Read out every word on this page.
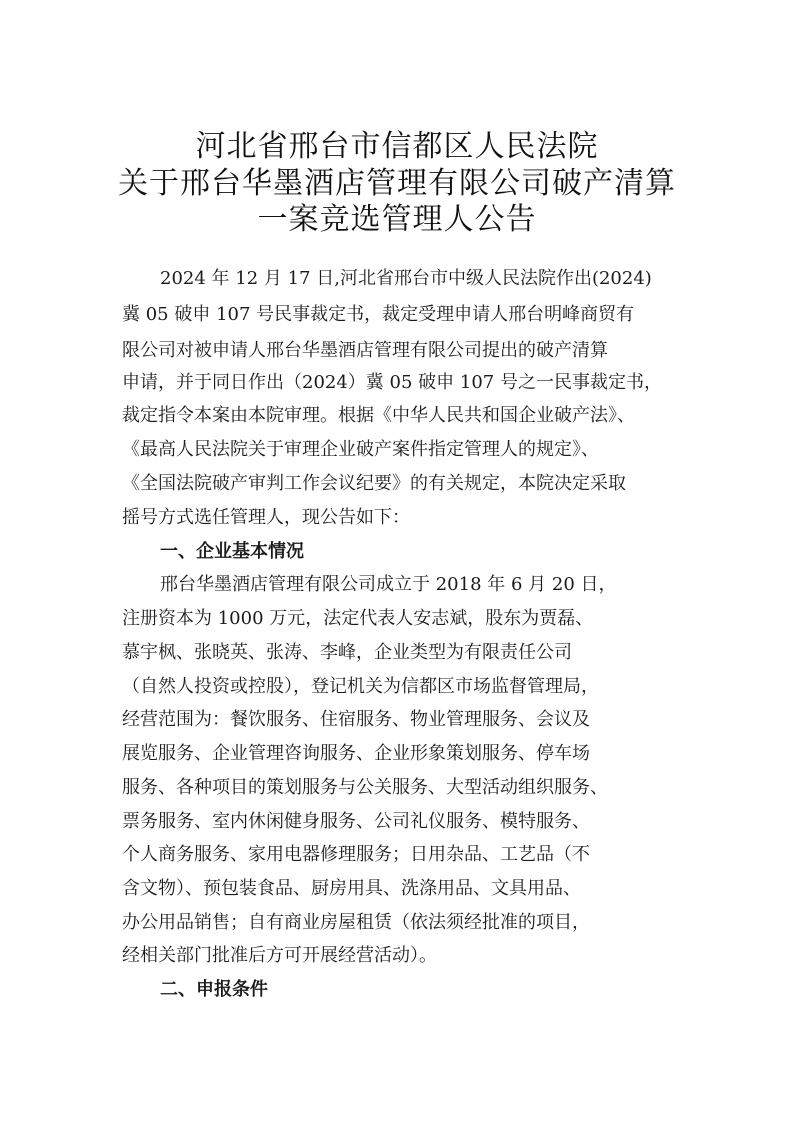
河北省邢台市信都区人民法院
关于邢台华墨酒店管理有限公司破产清算
一案竞选管理人公告
2024 年 12 月 17 日,河北省邢台市中级人民法院作出(2024)
冀 05 破申 107 号民事裁定书，裁定受理申请人邢台明峰商贸有
限公司对被申请人邢台华墨酒店管理有限公司提出的破产清算
申请，并于同日作出（2024）冀 05 破申 107 号之一民事裁定书，
裁定指令本案由本院审理。根据《中华人民共和国企业破产法》、
《最高人民法院关于审理企业破产案件指定管理人的规定》、
《全国法院破产审判工作会议纪要》的有关规定，本院决定采取
摇号方式选任管理人，现公告如下：
一、企业基本情况
邢台华墨酒店管理有限公司成立于 2018 年 6 月 20 日，
注册资本为 1000 万元，法定代表人安志斌，股东为贾磊、
慕宇枫、张晓英、张涛、李峰，企业类型为有限责任公司
（自然人投资或控股），登记机关为信都区市场监督管理局，
经营范围为：餐饮服务、住宿服务、物业管理服务、会议及
展览服务、企业管理咨询服务、企业形象策划服务、停车场
服务、各种项目的策划服务与公关服务、大型活动组织服务、
票务服务、室内休闲健身服务、公司礼仪服务、模特服务、
个人商务服务、家用电器修理服务；日用杂品、工艺品（不
含文物）、预包装食品、厨房用具、洗涤用品、文具用品、
办公用品销售；自有商业房屋租赁（依法须经批准的项目，
经相关部门批准后方可开展经营活动）。
二、申报条件
